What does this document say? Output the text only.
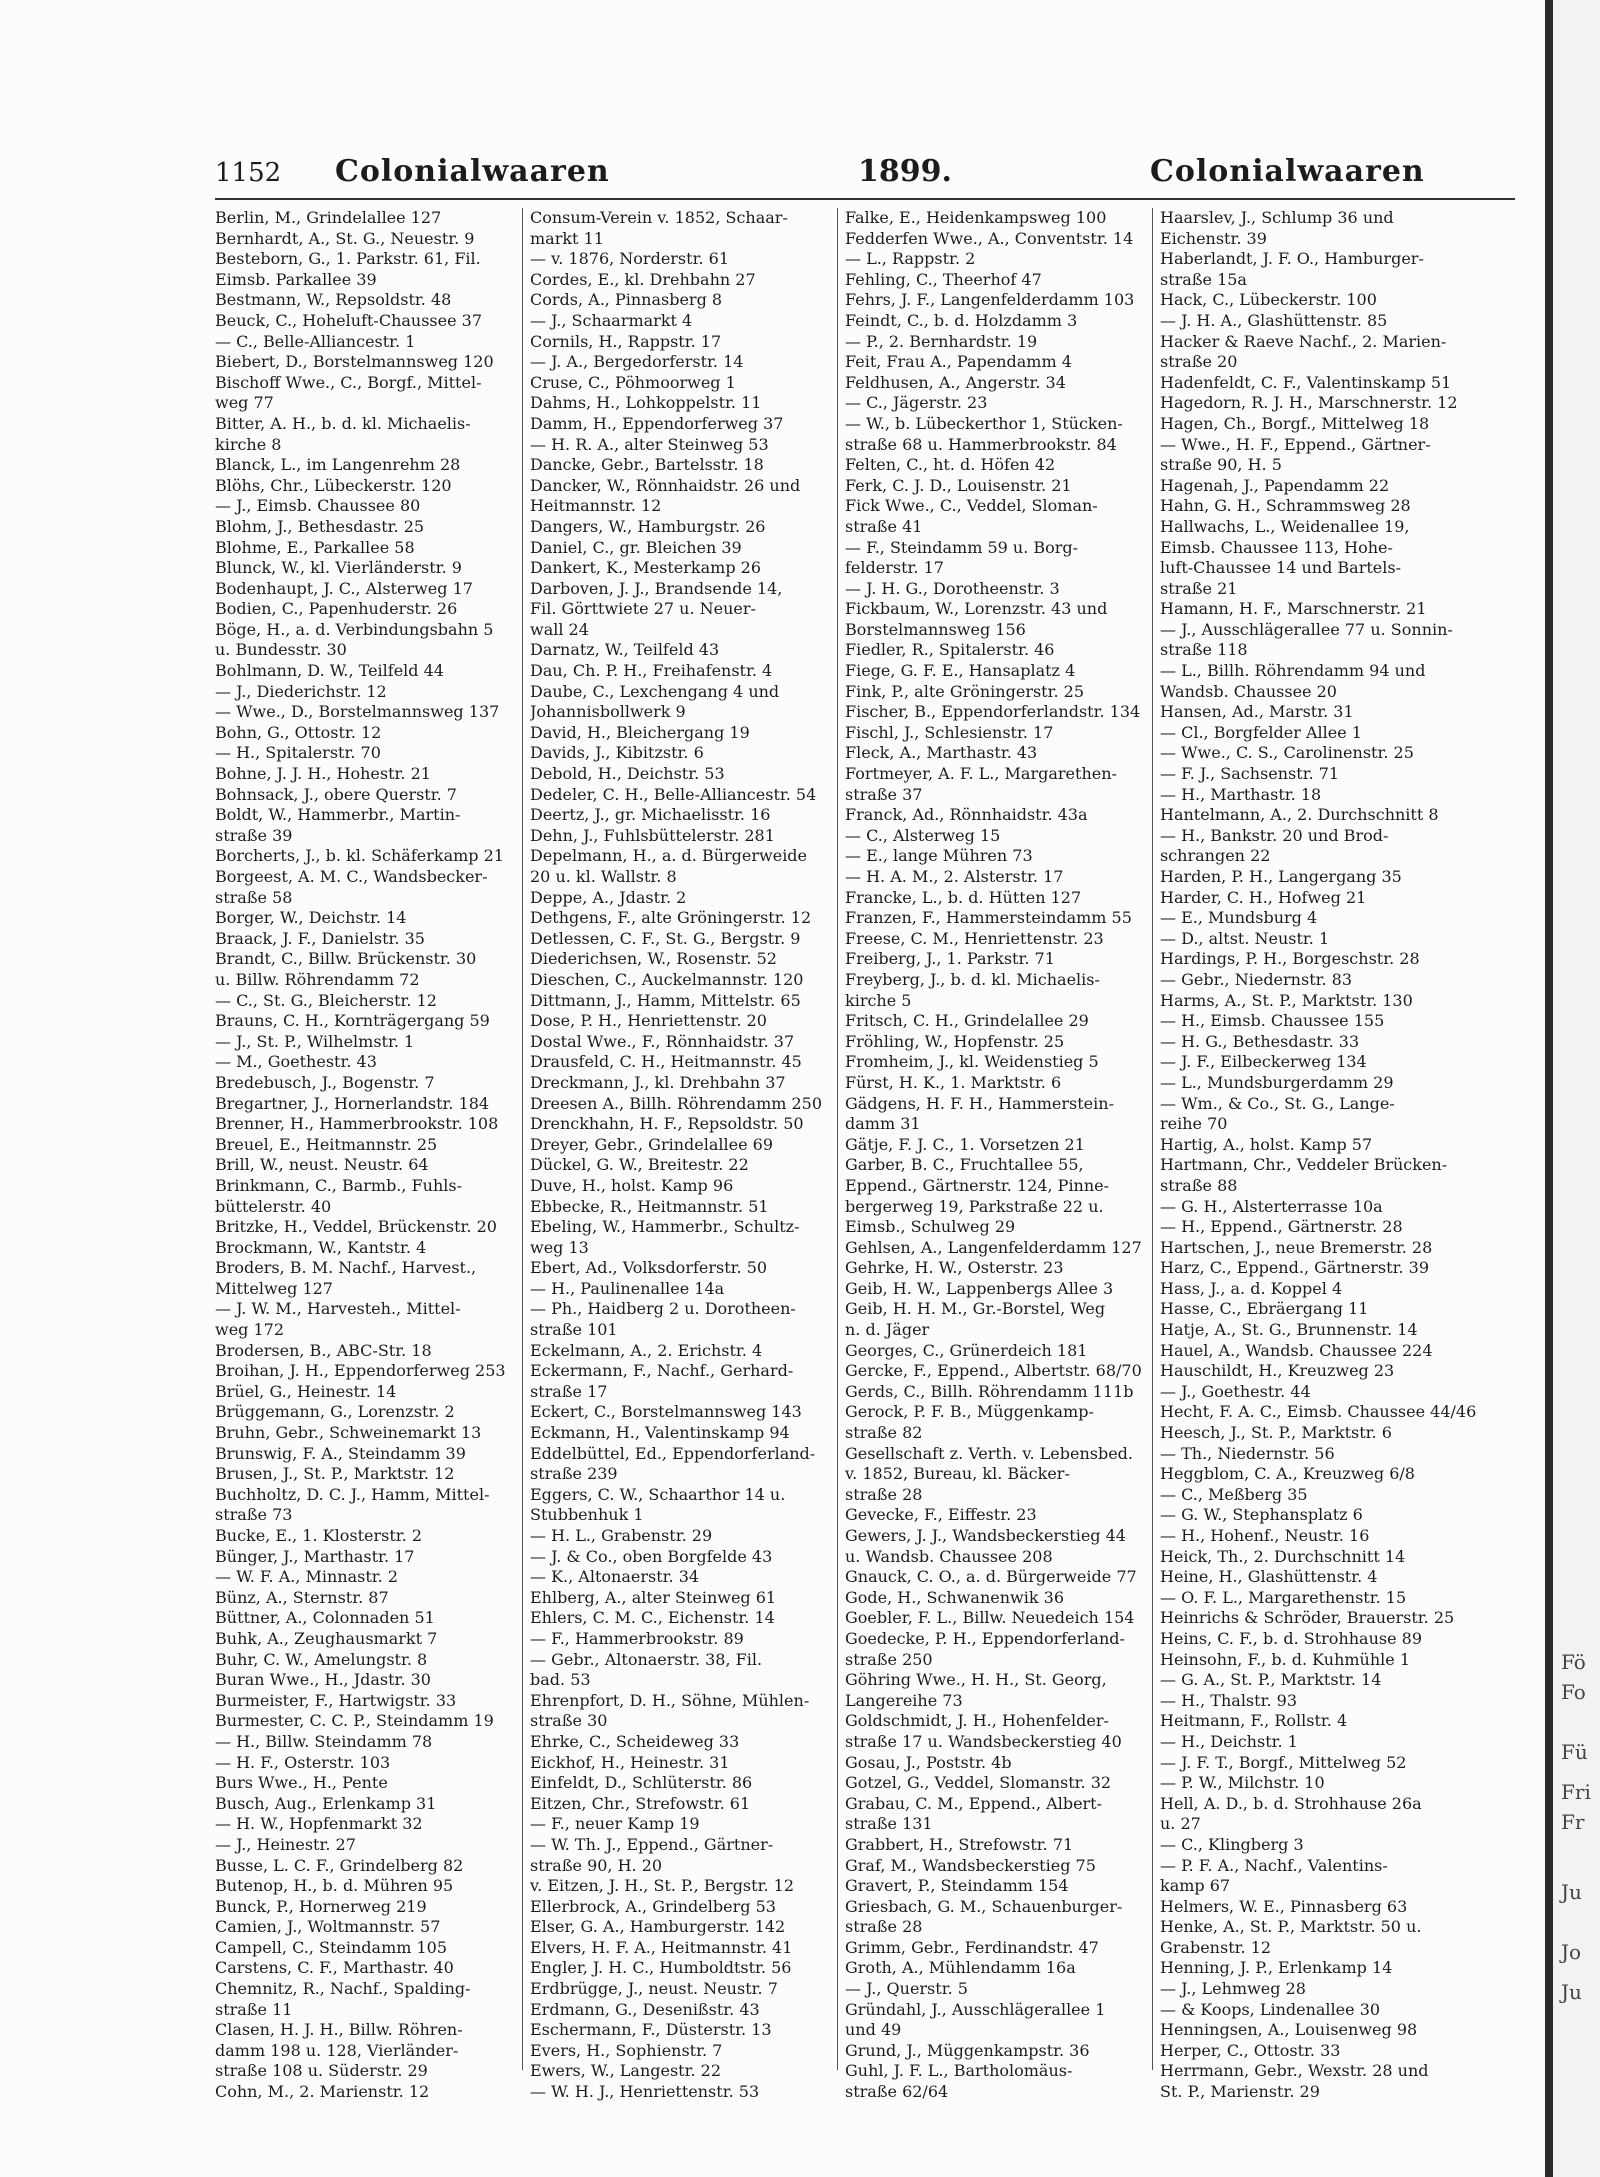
1152 Colonialwaaren	1899.	Colonialwaaren
Berlin, M., Grindelallee 127
Bernhardt, A., St. G., Neuestr. 9
Besteborn, G., 1. Parkstr. 61, Fil.
Eimsb. Parkallee 39
Bestmann, W., Repsoldstr. 48
Beuck, C., Hoheluft-Chaussee 37
— C., Belle-Alliancestr. 1
Biebert, D., Borstelmannsweg 120
Bischoff Wwe., C., Borgf., Mittel-
weg 77
Bitter, A. H., b. d. kl. Michaelis-
kirche 8
Blanck, L., im Langenrehm 28
Blöhs, Chr., Lübeckerstr. 120
— J., Eimsb. Chaussee 80
Blohm, J., Bethesdastr. 25
Blohme, E., Parkallee 58
Blunck, W., kl. Vierländerstr. 9
Bodenhaupt, J. C., Alsterweg 17
Bodien, C., Papenhuderstr. 26
Böge, H., a. d. Verbindungsbahn 5
u. Bundesstr. 30
Bohlmann, D. W., Teilfeld 44
— J., Diederichstr. 12
— Wwe., D., Borstelmannsweg 137
Bohn, G., Ottostr. 12
— H., Spitalerstr. 70
Bohne, J. J. H., Hohestr. 21
Bohnsack, J., obere Querstr. 7
Boldt, W., Hammerbr., Martin-
straße 39
Borcherts, J., b. kl. Schäferkamp 21
Borgeest, A. M. C., Wandsbecker-
straße 58
Borger, W., Deichstr. 14
Braack, J. F., Danielstr. 35
Brandt, C., Billw. Brückenstr. 30
u. Billw. Röhrendamm 72
— C., St. G., Bleicherstr. 12
Brauns, C. H., Kornträgergang 59
— J., St. P., Wilhelmstr. 1
— M., Goethestr. 43
Bredebusch, J., Bogenstr. 7
Bregartner, J., Hornerlandstr. 184
Brenner, H., Hammerbrookstr. 108
Breuel, E., Heitmannstr. 25
Brill, W., neust. Neustr. 64
Brinkmann, C., Barmb., Fuhls-
büttelerstr. 40
Britzke, H., Veddel, Brückenstr. 20
Brockmann, W., Kantstr. 4
Broders, B. M. Nachf., Harvest.,
Mittelweg 127
— J. W. M., Harvesteh., Mittel-
weg 172
Brodersen, B., ABC-Str. 18
Broihan, J. H., Eppendorferweg 253
Brüel, G., Heinestr. 14
Brüggemann, G., Lorenzstr. 2
Bruhn, Gebr., Schweinemarkt 13
Brunswig, F. A., Steindamm 39
Brusen, J., St. P., Marktstr. 12
Buchholtz, D. C. J., Hamm, Mittel-
straße 73
Bucke, E., 1. Klosterstr. 2
Bünger, J., Marthastr. 17
— W. F. A., Minnastr. 2
Bünz, A., Sternstr. 87
Büttner, A., Colonnaden 51
Buhk, A., Zeughausmarkt 7
Buhr, C. W., Amelungstr. 8
Buran Wwe., H., Jdastr. 30
Burmeister, F., Hartwigstr. 33
Burmester, C. C. P., Steindamm 19
— H., Billw. Steindamm 78
— H. F., Osterstr. 103
Burs Wwe., H., Pente
Busch, Aug., Erlenkamp 31
— H. W., Hopfenmarkt 32
— J., Heinestr. 27
Busse, L. C. F., Grindelberg 82
Butenop, H., b. d. Mühren 95
Bunck, P., Hornerweg 219
Camien, J., Woltmannstr. 57
Campell, C., Steindamm 105
Carstens, C. F., Marthastr. 40
Chemnitz, R., Nachf., Spalding-
straße 11
Clasen, H. J. H., Billw. Röhren-
damm 198 u. 128, Vierländer-
straße 108 u. Süderstr. 29
Cohn, M., 2. Marienstr. 12
Consum-Verein v. 1852, Schaar-
markt 11
— v. 1876, Norderstr. 61
Cordes, E., kl. Drehbahn 27
Cords, A., Pinnasberg 8
— J., Schaarmarkt 4
Cornils, H., Rappstr. 17
— J. A., Bergedorferstr. 14
Cruse, C., Pöhmoorweg 1
Dahms, H., Lohkoppelstr. 11
Damm, H., Eppendorferweg 37
— H. R. A., alter Steinweg 53
Dancke, Gebr., Bartelsstr. 18
Dancker, W., Rönnhaidstr. 26 und
Heitmannstr. 12
Dangers, W., Hamburgstr. 26
Daniel, C., gr. Bleichen 39
Dankert, K., Mesterkamp 26
Darboven, J. J., Brandsende 14,
Fil. Görttwiete 27 u. Neuer-
wall 24
Darnatz, W., Teilfeld 43
Dau, Ch. P. H., Freihafenstr. 4
Daube, C., Lexchengang 4 und
Johannisbollwerk 9
David, H., Bleichergang 19
Davids, J., Kibitzstr. 6
Debold, H., Deichstr. 53
Dedeler, C. H., Belle-Alliancestr. 54
Deertz, J., gr. Michaelisstr. 16
Dehn, J., Fuhlsbüttelerstr. 281
Depelmann, H., a. d. Bürgerweide
20 u. kl. Wallstr. 8
Deppe, A., Jdastr. 2
Dethgens, F., alte Gröningerstr. 12
Detlessen, C. F., St. G., Bergstr. 9
Diederichsen, W., Rosenstr. 52
Dieschen, C., Auckelmannstr. 120
Dittmann, J., Hamm, Mittelstr. 65
Dose, P. H., Henriettenstr. 20
Dostal Wwe., F., Rönnhaidstr. 37
Drausfeld, C. H., Heitmannstr. 45
Dreckmann, J., kl. Drehbahn 37
Dreesen A., Billh. Röhrendamm 250
Drenckhahn, H. F., Repsoldstr. 50
Dreyer, Gebr., Grindelallee 69
Dückel, G. W., Breitestr. 22
Duve, H., holst. Kamp 96
Ebbecke, R., Heitmannstr. 51
Ebeling, W., Hammerbr., Schultz-
weg 13
Ebert, Ad., Volksdorferstr. 50
— H., Paulinenallee 14a
— Ph., Haidberg 2 u. Dorotheen-
straße 101
Eckelmann, A., 2. Erichstr. 4
Eckermann, F., Nachf., Gerhard-
straße 17
Eckert, C., Borstelmannsweg 143
Eckmann, H., Valentinskamp 94
Eddelbüttel, Ed., Eppendorferland-
straße 239
Eggers, C. W., Schaarthor 14 u.
Stubbenhuk 1
— H. L., Grabenstr. 29
— J. & Co., oben Borgfelde 43
— K., Altonaerstr. 34
Ehlberg, A., alter Steinweg 61
Ehlers, C. M. C., Eichenstr. 14
— F., Hammerbrookstr. 89
— Gebr., Altonaerstr. 38, Fil.
bad. 53
Ehrenpfort, D. H., Söhne, Mühlen-
straße 30
Ehrke, C., Scheideweg 33
Eickhof, H., Heinestr. 31
Einfeldt, D., Schlüterstr. 86
Eitzen, Chr., Strefowstr. 61
— F., neuer Kamp 19
— W. Th. J., Eppend., Gärtner-
straße 90, H. 20
v. Eitzen, J. H., St. P., Bergstr. 12
Ellerbrock, A., Grindelberg 53
Elser, G. A., Hamburgerstr. 142
Elvers, H. F. A., Heitmannstr. 41
Engler, J. H. C., Humboldtstr. 56
Erdbrügge, J., neust. Neustr. 7
Erdmann, G., Desenißstr. 43
Eschermann, F., Düsterstr. 13
Evers, H., Sophienstr. 7
Ewers, W., Langestr. 22
— W. H. J., Henriettenstr. 53
Falke, E., Heidenkampsweg 100
Fedderfen Wwe., A., Conventstr. 14
— L., Rappstr. 2
Fehling, C., Theerhof 47
Fehrs, J. F., Langenfelderdamm 103
Feindt, C., b. d. Holzdamm 3
— P., 2. Bernhardstr. 19
Feit, Frau A., Papendamm 4
Feldhusen, A., Angerstr. 34
— C., Jägerstr. 23
— W., b. Lübeckerthor 1, Stücken-
straße 68 u. Hammerbrookstr. 84
Felten, C., ht. d. Höfen 42
Ferk, C. J. D., Louisenstr. 21
Fick Wwe., C., Veddel, Sloman-
straße 41
— F., Steindamm 59 u. Borg-
felderstr. 17
— J. H. G., Dorotheenstr. 3
Fickbaum, W., Lorenzstr. 43 und
Borstelmannsweg 156
Fiedler, R., Spitalerstr. 46
Fiege, G. F. E., Hansaplatz 4
Fink, P., alte Gröningerstr. 25
Fischer, B., Eppendorferlandstr. 134
Fischl, J., Schlesienstr. 17
Fleck, A., Marthastr. 43
Fortmeyer, A. F. L., Margarethen-
straße 37
Franck, Ad., Rönnhaidstr. 43a
— C., Alsterweg 15
— E., lange Mühren 73
— H. A. M., 2. Alsterstr. 17
Francke, L., b. d. Hütten 127
Franzen, F., Hammersteindamm 55
Freese, C. M., Henriettenstr. 23
Freiberg, J., 1. Parkstr. 71
Freyberg, J., b. d. kl. Michaelis-
kirche 5
Fritsch, C. H., Grindelallee 29
Fröhling, W., Hopfenstr. 25
Fromheim, J., kl. Weidenstieg 5
Fürst, H. K., 1. Marktstr. 6
Gädgens, H. F. H., Hammerstein-
damm 31
Gätje, F. J. C., 1. Vorsetzen 21
Garber, B. C., Fruchtallee 55,
Eppend., Gärtnerstr. 124, Pinne-
bergerweg 19, Parkstraße 22 u.
Eimsb., Schulweg 29
Gehlsen, A., Langenfelderdamm 127
Gehrke, H. W., Osterstr. 23
Geib, H. W., Lappenbergs Allee 3
Geib, H. H. M., Gr.-Borstel, Weg
n. d. Jäger
Georges, C., Grünerdeich 181
Gercke, F., Eppend., Albertstr. 68/70
Gerds, C., Billh. Röhrendamm 111b
Gerock, P. F. B., Müggenkamp-
straße 82
Gesellschaft z. Verth. v. Lebensbed.
v. 1852, Bureau, kl. Bäcker-
straße 28
Gevecke, F., Eiffestr. 23
Gewers, J. J., Wandsbeckerstieg 44
u. Wandsb. Chaussee 208
Gnauck, C. O., a. d. Bürgerweide 77
Gode, H., Schwanenwik 36
Goebler, F. L., Billw. Neuedeich 154
Goedecke, P. H., Eppendorferland-
straße 250
Göhring Wwe., H. H., St. Georg,
Langereihe 73
Goldschmidt, J. H., Hohenfelder-
straße 17 u. Wandsbeckerstieg 40
Gosau, J., Poststr. 4b
Gotzel, G., Veddel, Slomanstr. 32
Grabau, C. M., Eppend., Albert-
straße 131
Grabbert, H., Strefowstr. 71
Graf, M., Wandsbeckerstieg 75
Gravert, P., Steindamm 154
Griesbach, G. M., Schauenburger-
straße 28
Grimm, Gebr., Ferdinandstr. 47
Groth, A., Mühlendamm 16a
— J., Querstr. 5
Gründahl, J., Ausschlägerallee 1
und 49
Grund, J., Müggenkampstr. 36
Guhl, J. F. L., Bartholomäus-
straße 62/64
Haarslev, J., Schlump 36 und
Eichenstr. 39
Haberlandt, J. F. O., Hamburger-
straße 15a
Hack, C., Lübeckerstr. 100
— J. H. A., Glashüttenstr. 85
Hacker & Raeve Nachf., 2. Marien-
straße 20
Hadenfeldt, C. F., Valentinskamp 51
Hagedorn, R. J. H., Marschnerstr. 12
Hagen, Ch., Borgf., Mittelweg 18
— Wwe., H. F., Eppend., Gärtner-
straße 90, H. 5
Hagenah, J., Papendamm 22
Hahn, G. H., Schrammsweg 28
Hallwachs, L., Weidenallee 19,
Eimsb. Chaussee 113, Hohe-
luft-Chaussee 14 und Bartels-
straße 21
Hamann, H. F., Marschnerstr. 21
— J., Ausschlägerallee 77 u. Sonnin-
straße 118
— L., Billh. Röhrendamm 94 und
Wandsb. Chaussee 20
Hansen, Ad., Marstr. 31
— Cl., Borgfelder Allee 1
— Wwe., C. S., Carolinenstr. 25
— F. J., Sachsenstr. 71
— H., Marthastr. 18
Hantelmann, A., 2. Durchschnitt 8
— H., Bankstr. 20 und Brod-
schrangen 22
Harden, P. H., Langergang 35
Harder, C. H., Hofweg 21
— E., Mundsburg 4
— D., altst. Neustr. 1
Hardings, P. H., Borgeschstr. 28
— Gebr., Niedernstr. 83
Harms, A., St. P., Marktstr. 130
— H., Eimsb. Chaussee 155
— H. G., Bethesdastr. 33
— J. F., Eilbeckerweg 134
— L., Mundsburgerdamm 29
— Wm., & Co., St. G., Lange-
reihe 70
Hartig, A., holst. Kamp 57
Hartmann, Chr., Veddeler Brücken-
straße 88
— G. H., Alsterterrasse 10a
— H., Eppend., Gärtnerstr. 28
Hartschen, J., neue Bremerstr. 28
Harz, C., Eppend., Gärtnerstr. 39
Hass, J., a. d. Koppel 4
Hasse, C., Ebräergang 11
Hatje, A., St. G., Brunnenstr. 14
Hauel, A., Wandsb. Chaussee 224
Hauschildt, H., Kreuzweg 23
— J., Goethestr. 44
Hecht, F. A. C., Eimsb. Chaussee 44/46
Heesch, J., St. P., Marktstr. 6
— Th., Niedernstr. 56
Heggblom, C. A., Kreuzweg 6/8
— C., Meßberg 35
— G. W., Stephansplatz 6
— H., Hohenf., Neustr. 16
Heick, Th., 2. Durchschnitt 14
Heine, H., Glashüttenstr. 4
— O. F. L., Margarethenstr. 15
Heinrichs & Schröder, Brauerstr. 25
Heins, C. F., b. d. Strohhause 89
Heinsohn, F., b. d. Kuhmühle 1
— G. A., St. P., Marktstr. 14
— H., Thalstr. 93
Heitmann, F., Rollstr. 4
— H., Deichstr. 1
— J. F. T., Borgf., Mittelweg 52
— P. W., Milchstr. 10
Hell, A. D., b. d. Strohhause 26a
u. 27
— C., Klingberg 3
— P. F. A., Nachf., Valentins-
kamp 67
Helmers, W. E., Pinnasberg 63
Henke, A., St. P., Marktstr. 50 u.
Grabenstr. 12
Henning, J. P., Erlenkamp 14
— J., Lehmweg 28
— & Koops, Lindenallee 30
Henningsen, A., Louisenweg 98
Herper, C., Ottostr. 33
Herrmann, Gebr., Wexstr. 28 und
St. P., Marienstr. 29
Fö
Fo
Fü
Fri
Fr
Ju
Jo
Ju
